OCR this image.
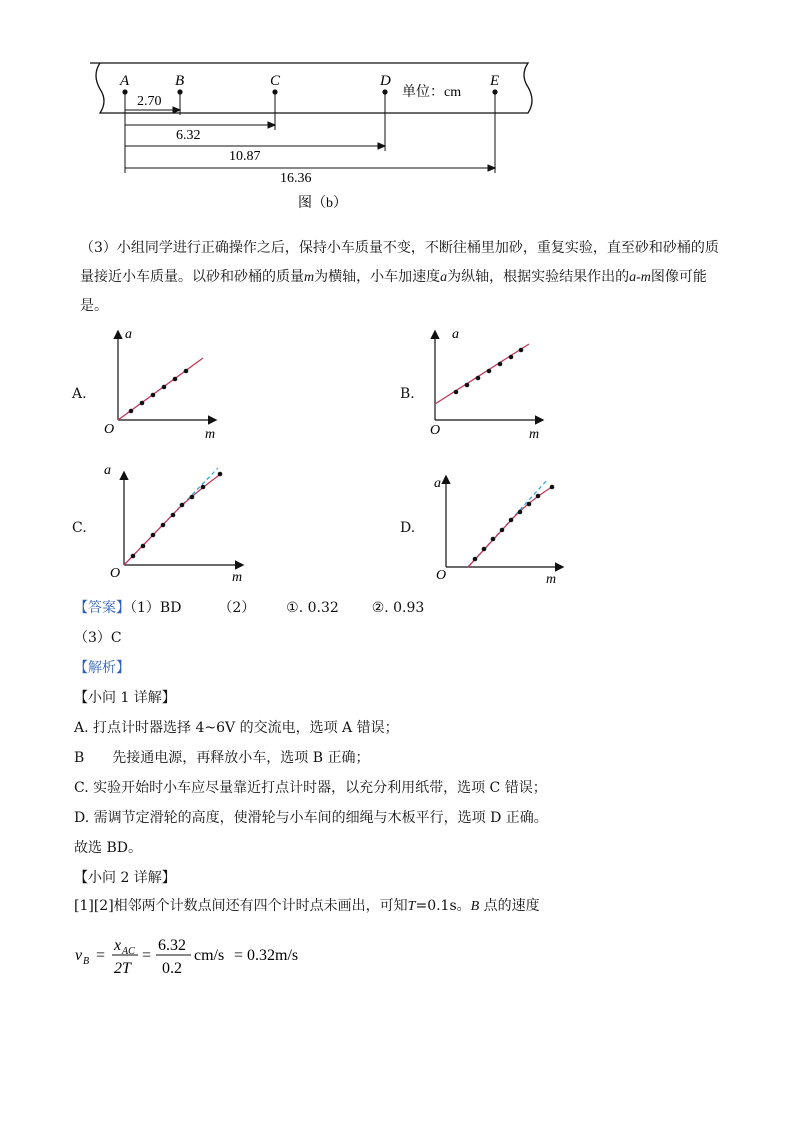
A	B	C	D	E
单位：cm
2.70
6.32
10.87
16.36
图（b）
（3）小组同学进行正确操作之后，保持小车质量不变，不断往桶里加砂，重复实验，直至砂和砂桶的质
量接近小车质量。以砂和砂桶的质量m为横轴，小车加速度a为纵轴，根据实验结果作出的a-m图像可能
是。
A.
a
m
O
B.
a
m
O
C.
a
m
O
D.
a
m
O
【答案】（1）BD	（2） ①. 0.32 ②. 0.93
（3）C
【解析】
【小问 1 详解】
A. 打点计时器选择 4~6V 的交流电，选项 A 错误；
B　　先接通电源，再释放小车，选项 B 正确；
C. 实验开始时小车应尽量靠近打点计时器，以充分利用纸带，选项 C 错误；
D. 需调节定滑轮的高度，使滑轮与小车间的细绳与木板平行，选项 D 正确。
故选 BD。
【小问 2 详解】
[1][2]相邻两个计数点间还有四个计时点未画出，可知T=0.1s。B 点的速度
v B =
x AC
2T
=
6.32
0.2
cm/s = 0.32m/s
